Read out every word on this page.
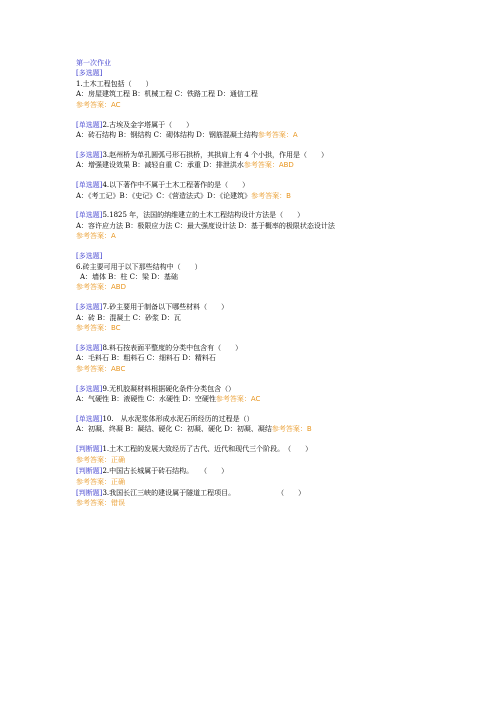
第一次作业
[多选题]
1.土木工程包括（　　）
A：房屋建筑工程 B：机械工程 C：铁路工程 D：通信工程
参考答案：AC
[单选题]2.古埃及金字塔属于（　　）
A：砖石结构 B：钢结构 C：砌体结构 D：钢筋混凝土结构参考答案：A
[多选题]3.赵州桥为单孔圆弧弓形石拱桥，其拱肩上有 4 个小拱，作用是（　　）
A：增强建设效果 B：减轻自重 C：承重 D：排泄洪水参考答案：ABD
[单选题]4.以下著作中不属于土木工程著作的是（　　）
A：《考工记》B：《史记》C：《营造法式》D：《论建筑》参考答案：B
[单选题]5.1825 年，法国的纳维建立的土木工程结构设计方法是（　　）
A：容许应力法 B：极限应力法 C：最大强度设计法 D：基于概率的极限状态设计法
参考答案：A
[多选题]
6.砖主要可用于以下那些结构中（　　）
A：墙体 B：柱 C：梁 D：基础
参考答案：ABD
[多选题]7.砂主要用于制备以下哪些材料（　　）
A：砖 B：混凝土 C：砂浆 D：瓦
参考答案：BC
[多选题]8.料石按表面平整度的分类中包含有（　　）
A：毛料石 B：粗料石 C：细料石 D：精料石
参考答案：ABC
[多选题]9.无机胶凝材料根据硬化条件分类包含（）
A：气硬性 B：液硬性 C：水硬性 D：空硬性参考答案：AC
[单选题]10.　从水泥浆体形成水泥石所经历的过程是（）
A：初凝、终凝 B：凝结、硬化 C：初凝、硬化 D：初凝、凝结参考答案：B
[判断题]1.土木工程的发展大致经历了古代、近代和现代三个阶段。　（　　）
参考答案：正确
[判断题]2.中国古长城属于砖石结构。　　（　　）
参考答案：正确
[判断题]3.我国长江三峡的建设属于隧道工程项目。　　　　　　　（　　）
参考答案：错误
